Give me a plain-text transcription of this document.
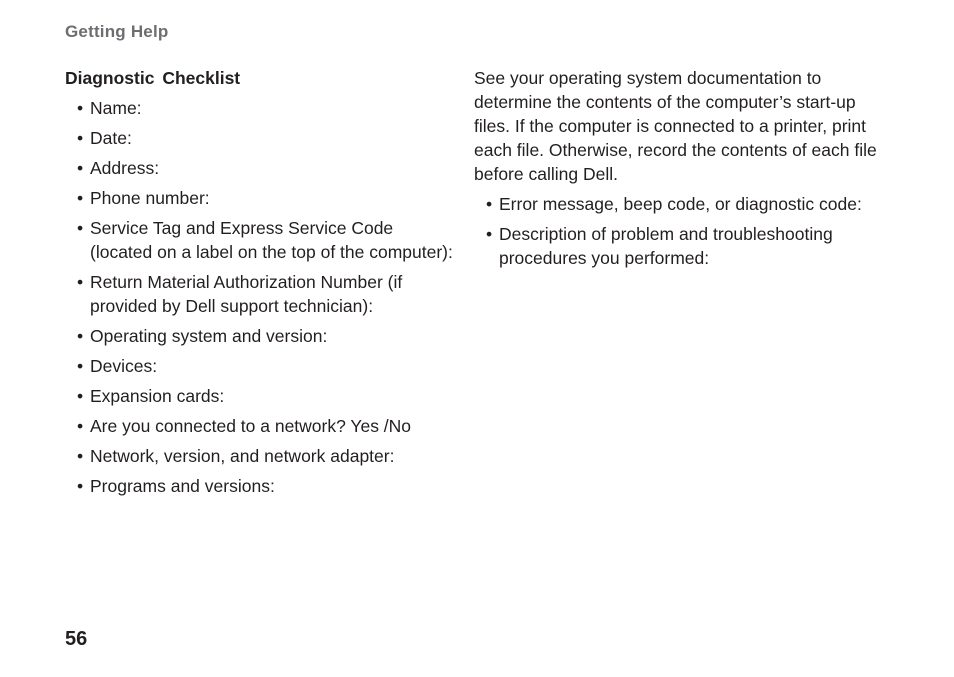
Getting Help
Diagnostic Checklist
• Name:
• Date:
• Address:
• Phone number:
• Service Tag and Express Service Code (located on a label on the top of the computer):
• Return Material Authorization Number (if provided by Dell support technician):
• Operating system and version:
• Devices:
• Expansion cards:
• Are you connected to a network? Yes /No
• Network, version, and network adapter:
• Programs and versions:

See your operating system documentation to determine the contents of the computer’s start-up files. If the computer is connected to a printer, print each file. Otherwise, record the contents of each file before calling Dell.

• Error message, beep code, or diagnostic code:
• Description of problem and troubleshooting procedures you performed:
56
